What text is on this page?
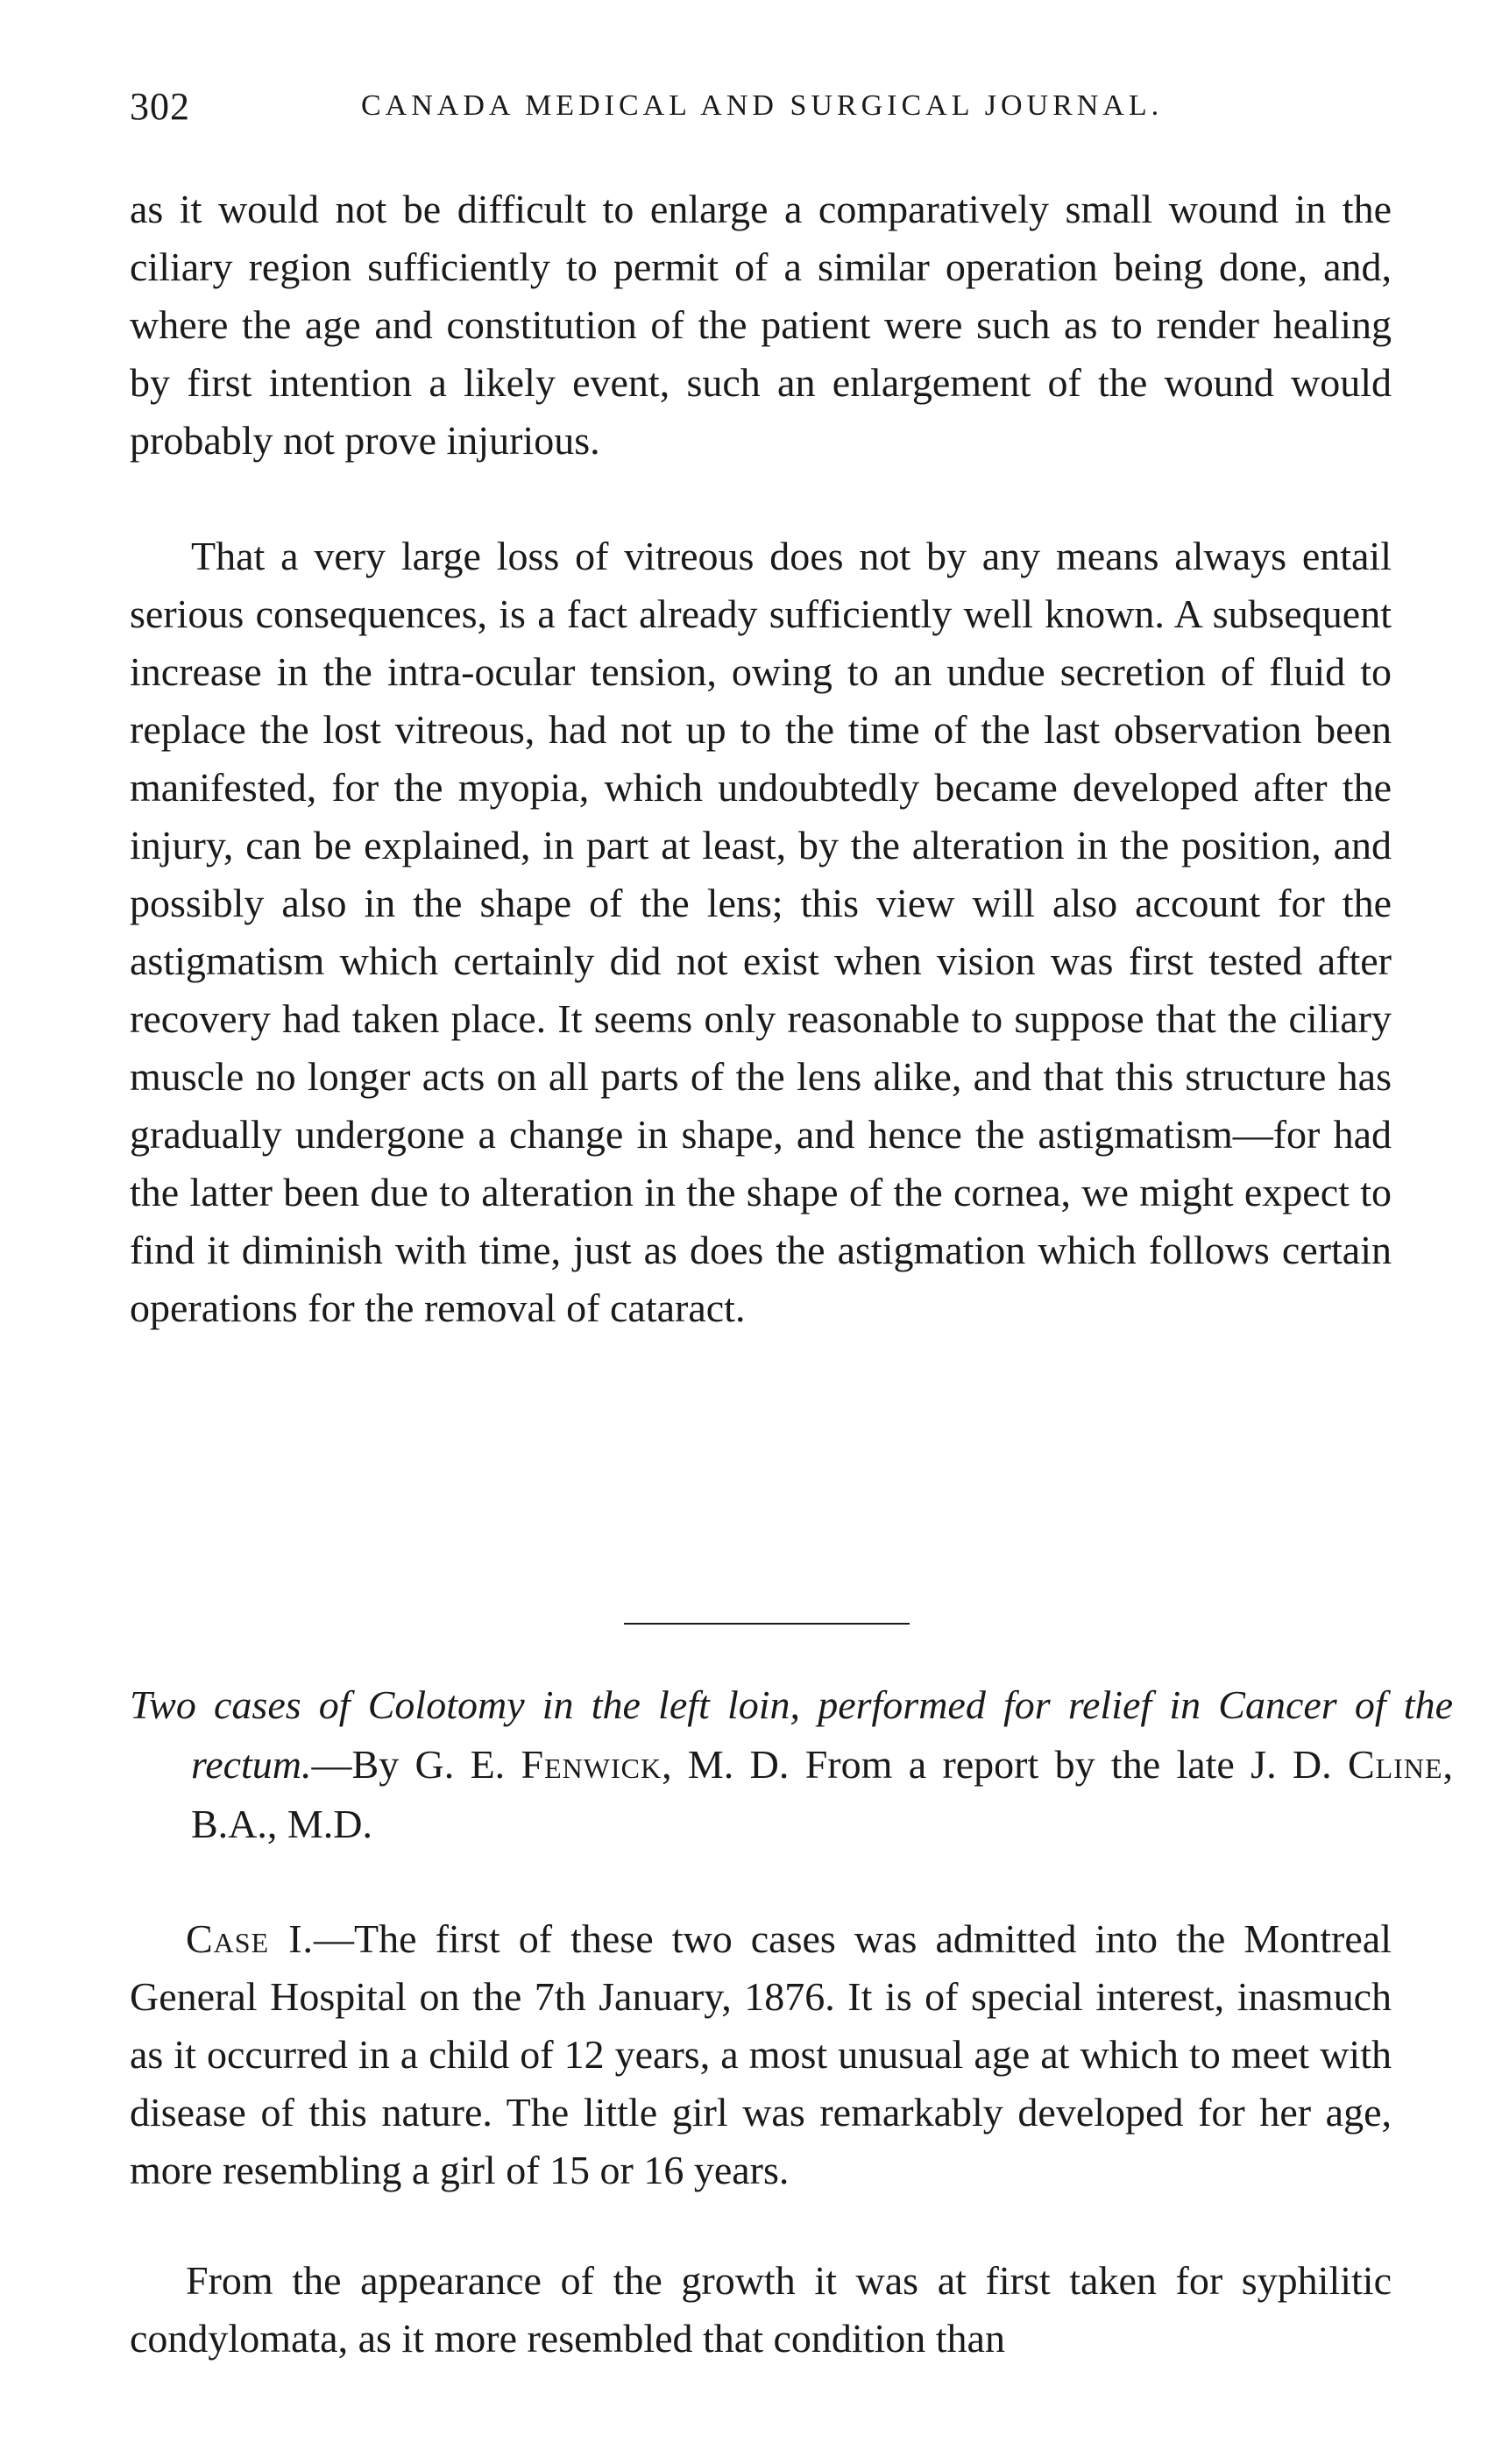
302	CANADA MEDICAL AND SURGICAL JOURNAL.

as it would not be difficult to enlarge a comparatively small wound in the ciliary region sufficiently to permit of a similar operation being done, and, where the age and constitution of the patient were such as to render healing by first intention a likely event, such an enlargement of the wound would probably not prove injurious.

That a very large loss of vitreous does not by any means always entail serious consequences, is a fact already sufficiently well known. A subsequent increase in the intra-ocular tension, owing to an undue secretion of fluid to replace the lost vitreous, had not up to the time of the last observation been manifested, for the myopia, which undoubtedly became developed after the injury, can be explained, in part at least, by the alteration in the position, and possibly also in the shape of the lens; this view will also account for the astigmatism which certainly did not exist when vision was first tested after recovery had taken place. It seems only reasonable to suppose that the ciliary muscle no longer acts on all parts of the lens alike, and that this structure has gradually undergone a change in shape, and hence the astigmatism—for had the latter been due to alteration in the shape of the cornea, we might expect to find it diminish with time, just as does the astigmation which follows certain operations for the removal of cataract.

Two cases of Colotomy in the left loin, performed for relief in Cancer of the rectum.—By G. E. Fenwick, M. D. From a report by the late J. D. Cline, B.A., M.D.

Case I.—The first of these two cases was admitted into the Montreal General Hospital on the 7th January, 1876. It is of special interest, inasmuch as it occurred in a child of 12 years, a most unusual age at which to meet with disease of this nature. The little girl was remarkably developed for her age, more resembling a girl of 15 or 16 years.

From the appearance of the growth it was at first taken for syphilitic condylomata, as it more resembled that condition than
